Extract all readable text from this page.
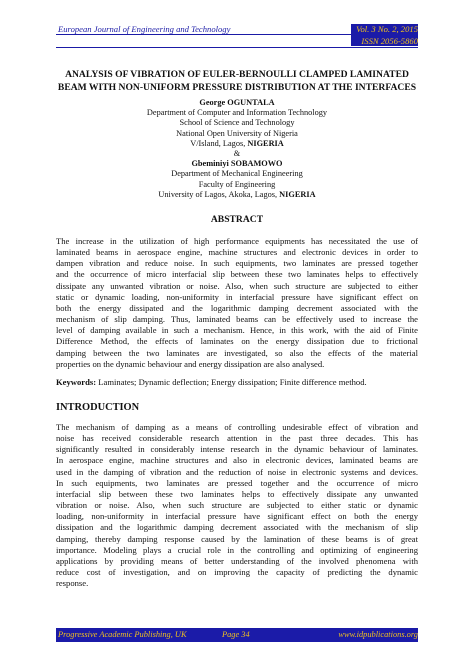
European Journal of Engineering and Technology	Vol. 3 No. 2, 2015
ISSN 2056-5860
ANALYSIS OF VIBRATION OF EULER-BERNOULLI CLAMPED LAMINATED
BEAM WITH NON-UNIFORM PRESSURE DISTRIBUTION AT THE INTERFACES
George OGUNTALA
Department of Computer and Information Technology
School of Science and Technology
National Open University of Nigeria
V/Island, Lagos, NIGERIA
&
Gbeminiyi SOBAMOWO
Department of Mechanical Engineering
Faculty of Engineering
University of Lagos, Akoka, Lagos, NIGERIA
ABSTRACT
The increase in the utilization of high performance equipments has necessitated the use of
laminated beams in aerospace engine, machine structures and electronic devices in order to
dampen vibration and reduce noise. In such equipments, two laminates are pressed together
and the occurrence of micro interfacial slip between these two laminates helps to effectively
dissipate any unwanted vibration or noise. Also, when such structure are subjected to either
static or dynamic loading, non-uniformity in interfacial pressure have significant effect on
both the energy dissipated and the logarithmic damping decrement associated with the
mechanism of slip damping. Thus, laminated beams can be effectively used to increase the
level of damping available in such a mechanism. Hence, in this work, with the aid of Finite
Difference Method, the effects of laminates on the energy dissipation due to frictional
damping between the two laminates are investigated, so also the effects of the material
properties on the dynamic behaviour and energy dissipation are also analysed.
Keywords: Laminates; Dynamic deflection; Energy dissipation; Finite difference method.
INTRODUCTION
The mechanism of damping as a means of controlling undesirable effect of vibration and
noise has received considerable research attention in the past three decades. This has
significantly resulted in considerably intense research in the dynamic behaviour of laminates.
In aerospace engine, machine structures and also in electronic devices, laminated beams are
used in the damping of vibration and the reduction of noise in electronic systems and devices.
In such equipments, two laminates are pressed together and the occurrence of micro
interfacial slip between these two laminates helps to effectively dissipate any unwanted
vibration or noise. Also, when such structure are subjected to either static or dynamic
loading, non-uniformity in interfacial pressure have significant effect on both the energy
dissipation and the logarithmic damping decrement associated with the mechanism of slip
damping, thereby damping response caused by the lamination of these beams is of great
importance. Modeling plays a crucial role in the controlling and optimizing of engineering
applications by providing means of better understanding of the involved phenomena with
reduce cost of investigation, and on improving the capacity of predicting the dynamic
response.
Progressive Academic Publishing, UK	Page 34	www.idpublications.org
